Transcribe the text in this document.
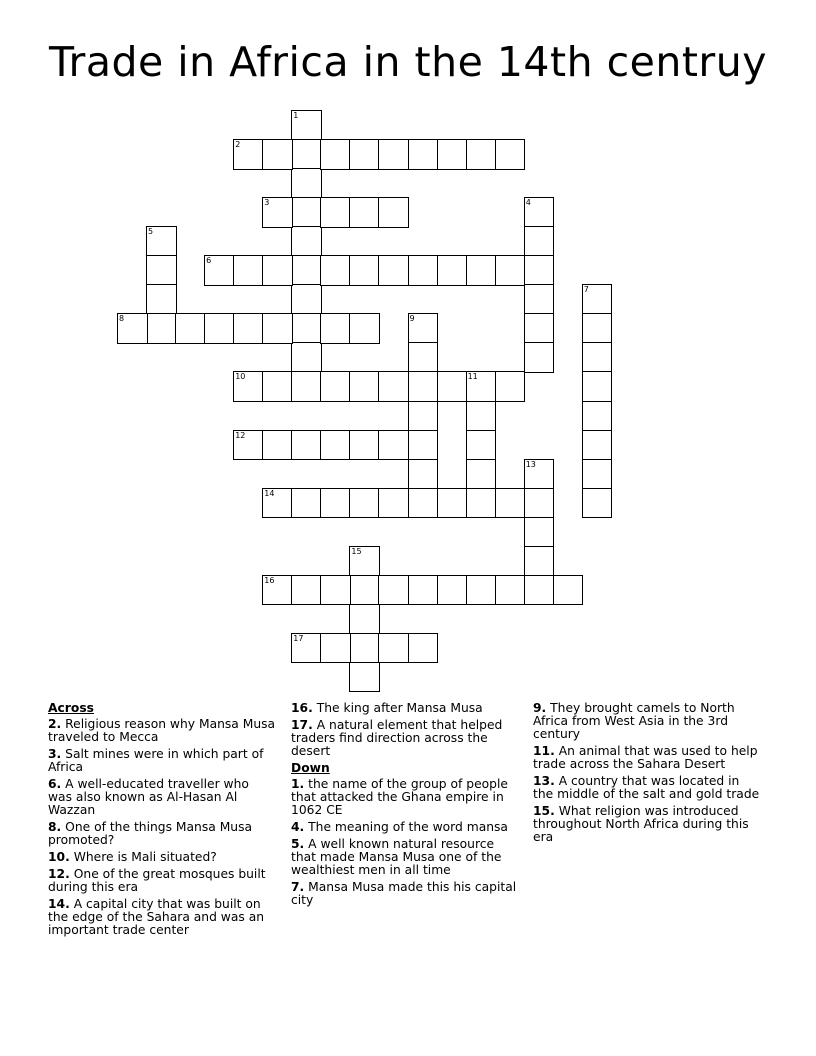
Trade in Africa in the 14th centruy
1
2
3	4
5
6
7
8	9
10	11
12
13
14
15
16
17
Across
2. Religious reason why Mansa Musa traveled to Mecca
3. Salt mines were in which part of Africa
6. A well-educated traveller who was also known as Al-Hasan Al Wazzan
8. One of the things Mansa Musa promoted?
10. Where is Mali situated?
12. One of the great mosques built during this era
14. A capital city that was built on the edge of the Sahara and was an important trade center
16. The king after Mansa Musa
17. A natural element that helped traders find direction across the desert
Down
1. the name of the group of people that attacked the Ghana empire in 1062 CE
4. The meaning of the word mansa
5. A well known natural resource that made Mansa Musa one of the wealthiest men in all time
7. Mansa Musa made this his capital city
9. They brought camels to North Africa from West Asia in the 3rd century
11. An animal that was used to help trade across the Sahara Desert
13. A country that was located in the middle of the salt and gold trade
15. What religion was introduced throughout North Africa during this era
